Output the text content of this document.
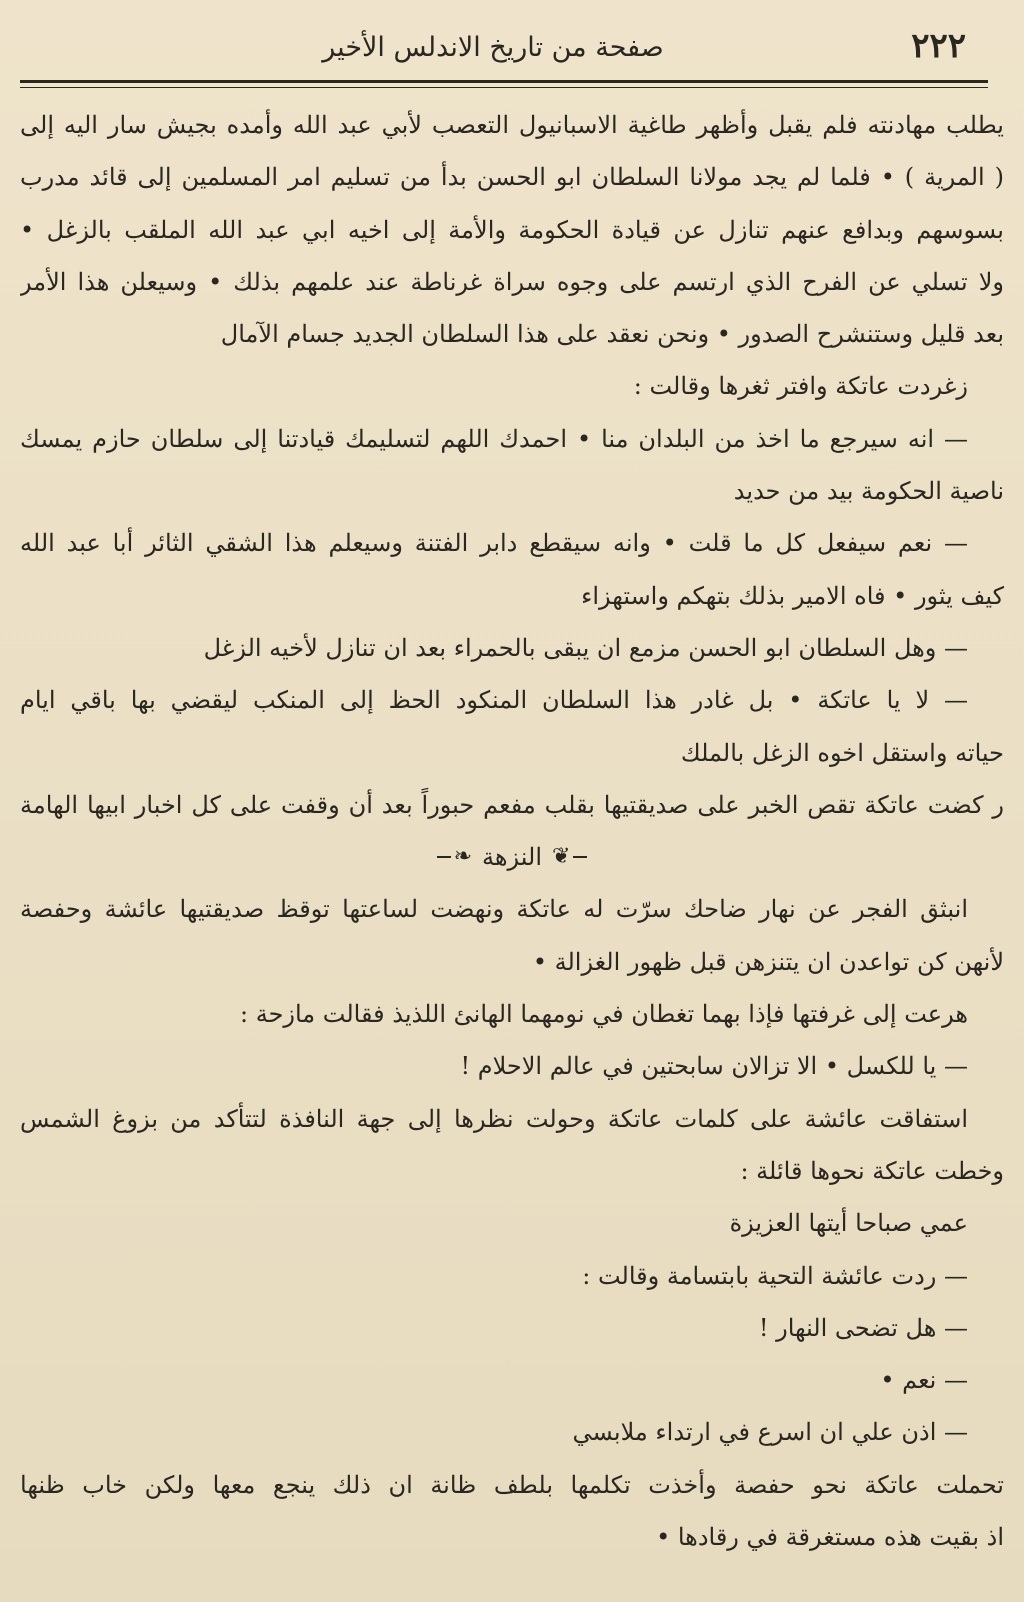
٢٢٢
صفحة من تاريخ الاندلس الأخير
يطلب مهادنته فلم يقبل وأظهر طاغية الاسبانيول التعصب لأبي عبد الله وأمده بجيش سار اليه إلى
( المرية ) • فلما لم يجد مولانا السلطان ابو الحسن بدأ من تسليم امر المسلمين إلى قائد مدرب
بسوسهم وبدافع عنهم تنازل عن قيادة الحكومة والأمة إلى اخيه ابي عبد الله الملقب بالزغل •
ولا تسلي عن الفرح الذي ارتسم على وجوه سراة غرناطة عند علمهم بذلك • وسيعلن هذا الأمر
بعد قليل وستنشرح الصدور • ونحن نعقد على هذا السلطان الجديد جسام الآمال
زغردت عاتكة وافتر ثغرها وقالت :
— انه سيرجع ما اخذ من البلدان منا • احمدك اللهم لتسليمك قيادتنا إلى سلطان حازم يمسك
ناصية الحكومة بيد من حديد
— نعم سيفعل كل ما قلت • وانه سيقطع دابر الفتنة وسيعلم هذا الشقي الثائر أبا عبد الله
كيف يثور • فاه الامير بذلك بتهكم واستهزاء
— وهل السلطان ابو الحسن مزمع ان يبقى بالحمراء بعد ان تنازل لأخيه الزغل
— لا يا عاتكة • بل غادر هذا السلطان المنكود الحظ إلى المنكب ليقضي بها باقي ايام
حياته واستقل اخوه الزغل بالملك
ر كضت عاتكة تقص الخبر على صديقتيها بقلب مفعم حبوراً بعد أن وقفت على كل اخبار ابيها الهامة
❦
النزهة
❧
انبثق الفجر عن نهار ضاحك سرّت له عاتكة ونهضت لساعتها توقظ صديقتيها عائشة وحفصة
لأنهن كن تواعدن ان يتنزهن قبل ظهور الغزالة •
هرعت إلى غرفتها فإذا بهما تغطان في نومهما الهانئ اللذيذ فقالت مازحة :
— يا للكسل • الا تزالان سابحتين في عالم الاحلام !
استفاقت عائشة على كلمات عاتكة وحولت نظرها إلى جهة النافذة لتتأكد من بزوغ الشمس
وخطت عاتكة نحوها قائلة :
عمي صباحا أيتها العزيزة
— ردت عائشة التحية بابتسامة وقالت :
— هل تضحى النهار !
— نعم •
— اذن علي ان اسرع في ارتداء ملابسي
تحملت عاتكة نحو حفصة وأخذت تكلمها بلطف ظانة ان ذلك ينجع معها ولكن خاب ظنها
اذ بقيت هذه مستغرقة في رقادها •
